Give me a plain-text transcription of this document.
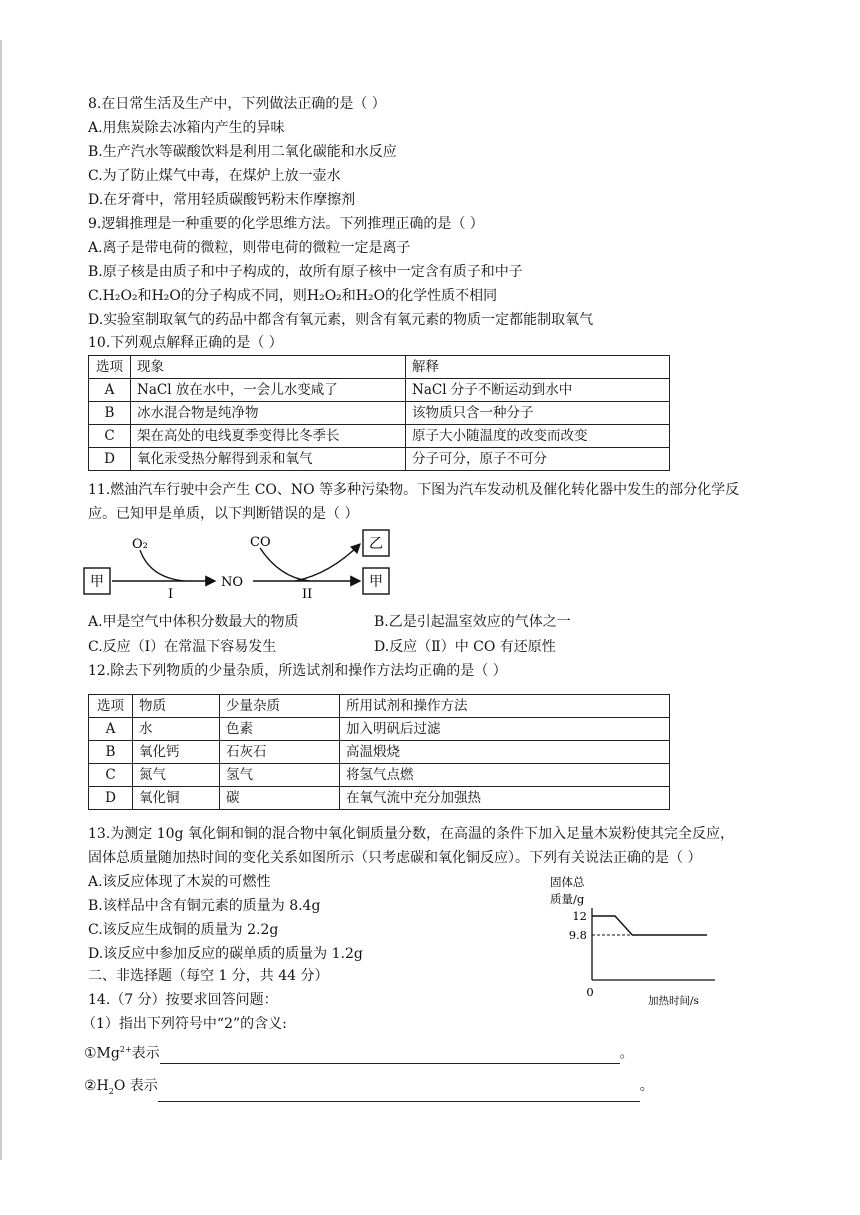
8.在日常生活及生产中，下列做法正确的是（ ）
A.用焦炭除去冰箱内产生的异味
B.生产汽水等碳酸饮料是利用二氧化碳能和水反应
C.为了防止煤气中毒，在煤炉上放一壶水
D.在牙膏中，常用轻质碳酸钙粉末作摩擦剂
9.逻辑推理是一种重要的化学思维方法。下列推理正确的是（ ）
A.离子是带电荷的微粒，则带电荷的微粒一定是离子
B.原子核是由质子和中子构成的，故所有原子核中一定含有质子和中子
C.H₂O₂和H₂O的分子构成不同，则H₂O₂和H₂O的化学性质不相同
D.实验室制取氧气的药品中都含有氧元素，则含有氧元素的物质一定都能制取氧气
10.下列观点解释正确的是（ ）
选项	现象	解释
A	NaCl 放在水中，一会儿水变咸了	NaCl 分子不断运动到水中
B	冰水混合物是纯净物	该物质只含一种分子
C	架在高处的电线夏季变得比冬季长	原子大小随温度的改变而改变
D	氧化汞受热分解得到汞和氧气	分子可分，原子不可分
11.燃油汽车行驶中会产生 CO、NO 等多种污染物。下图为汽车发动机及催化转化器中发生的部分化学反
应。已知甲是单质，以下判断错误的是（ ）
甲
O₂
I
NO
CO
II
乙
甲
A.甲是空气中体积分数最大的物质	B.乙是引起温室效应的气体之一
C.反应（I）在常温下容易发生	D.反应（Ⅱ）中 CO 有还原性
12.除去下列物质的少量杂质，所选试剂和操作方法均正确的是（ ）
选项	物质	少量杂质	所用试剂和操作方法
A	水	色素	加入明矾后过滤
B	氧化钙	石灰石	高温煅烧
C	氮气	氢气	将氢气点燃
D	氧化铜	碳	在氧气流中充分加强热
13.为测定 10g 氧化铜和铜的混合物中氧化铜质量分数，在高温的条件下加入足量木炭粉使其完全反应，
固体总质量随加热时间的变化关系如图所示（只考虑碳和氧化铜反应）。下列有关说法正确的是（ ）
A.该反应体现了木炭的可燃性
B.该样品中含有铜元素的质量为 8.4g
C.该反应生成铜的质量为 2.2g
D.该反应中参加反应的碳单质的质量为 1.2g
固体总
质量/g
0
加热时间/s
12
9.8
二、非选择题（每空 1 分，共 44 分）
14.（7 分）按要求回答问题：
（1）指出下列符号中“2”的含义:
$①Mg^{2+}$表示	。
$②H_2O$ 表示	。
